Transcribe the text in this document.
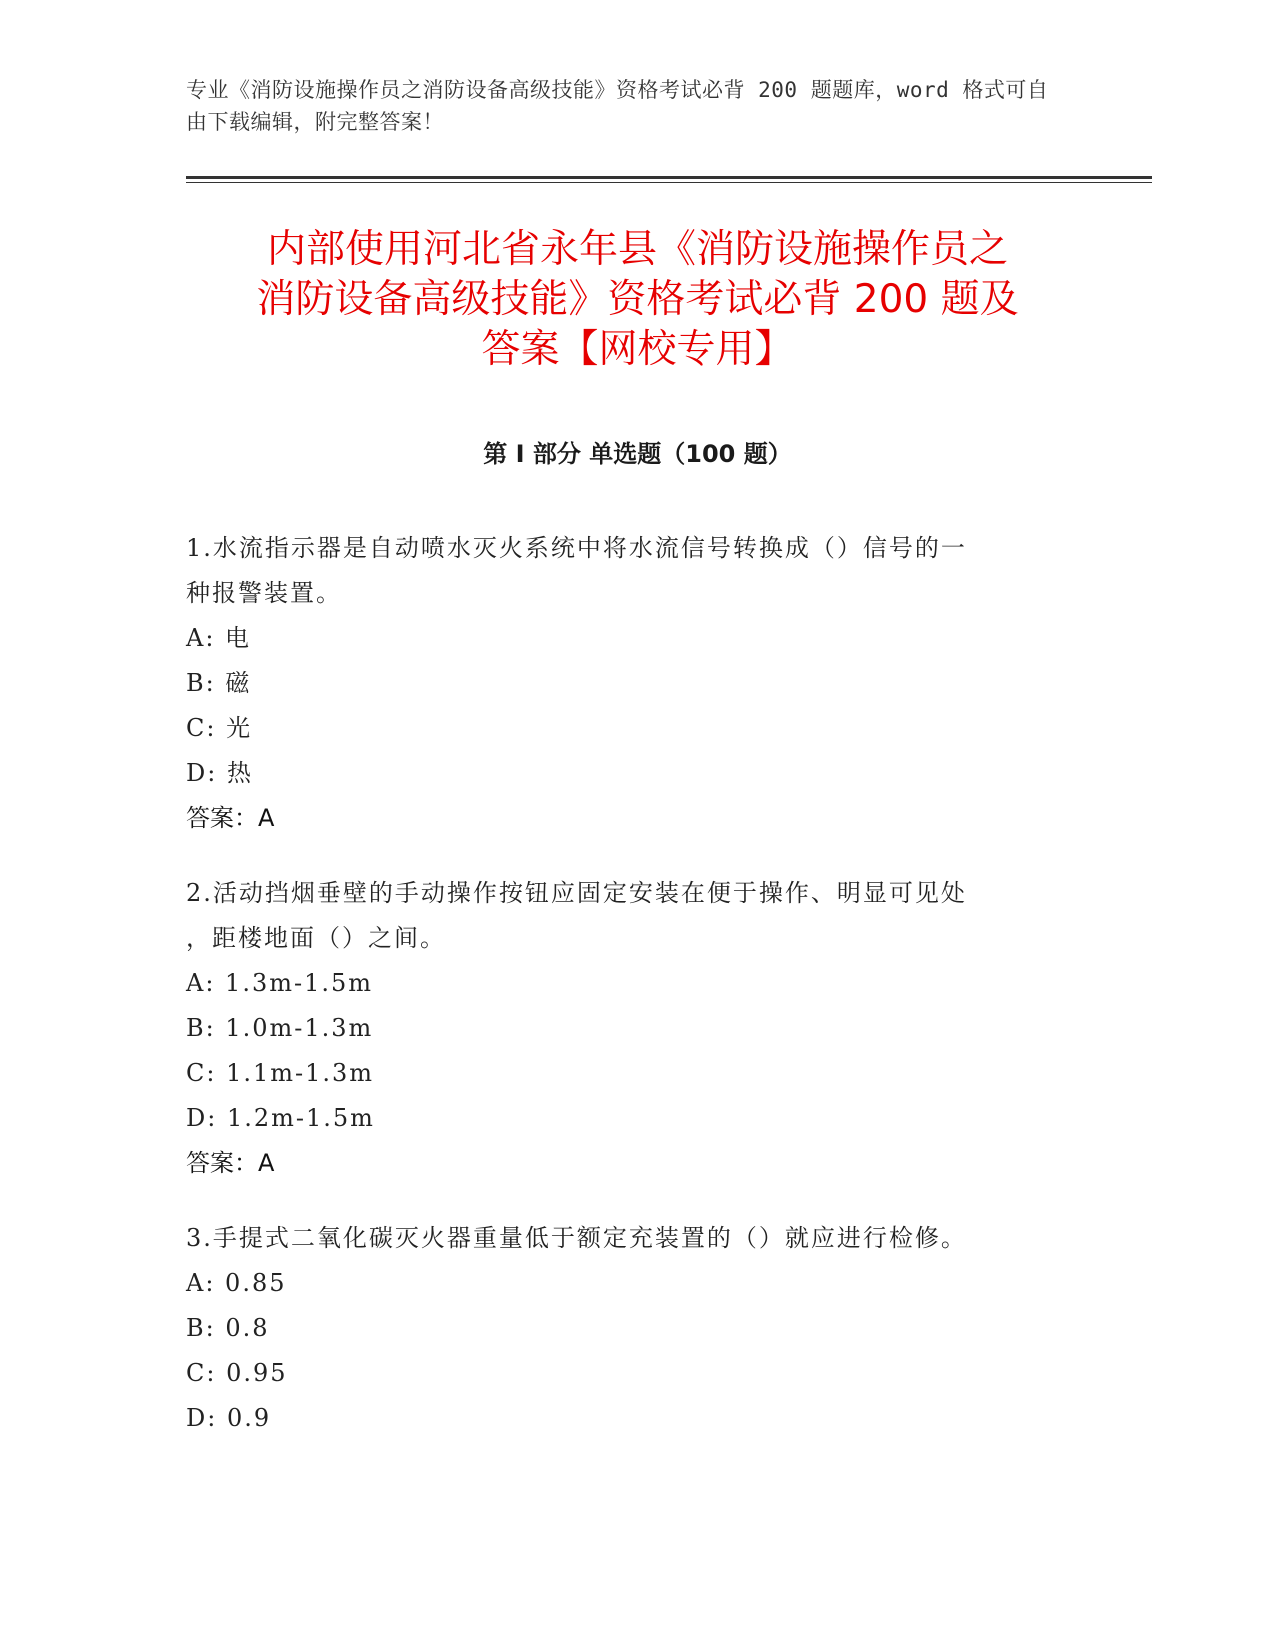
专业《消防设施操作员之消防设备高级技能》资格考试必背 200 题题库，word 格式可自由下载编辑，附完整答案！
内部使用河北省永年县《消防设施操作员之
消防设备高级技能》资格考试必背 200 题及
答案【网校专用】
第 I 部分 单选题（100 题）

1.水流指示器是自动喷水灭火系统中将水流信号转换成（）信号的一

种报警装置。

A: 电

B: 磁

C: 光

D: 热

答案：A

2.活动挡烟垂壁的手动操作按钮应固定安装在便于操作、明显可见处

，距楼地面（）之间。

A: 1.3m-1.5m

B: 1.0m-1.3m

C: 1.1m-1.3m

D: 1.2m-1.5m

答案：A

3.手提式二氧化碳灭火器重量低于额定充装置的（）就应进行检修。

A: 0.85

B: 0.8

C: 0.95

D: 0.9
